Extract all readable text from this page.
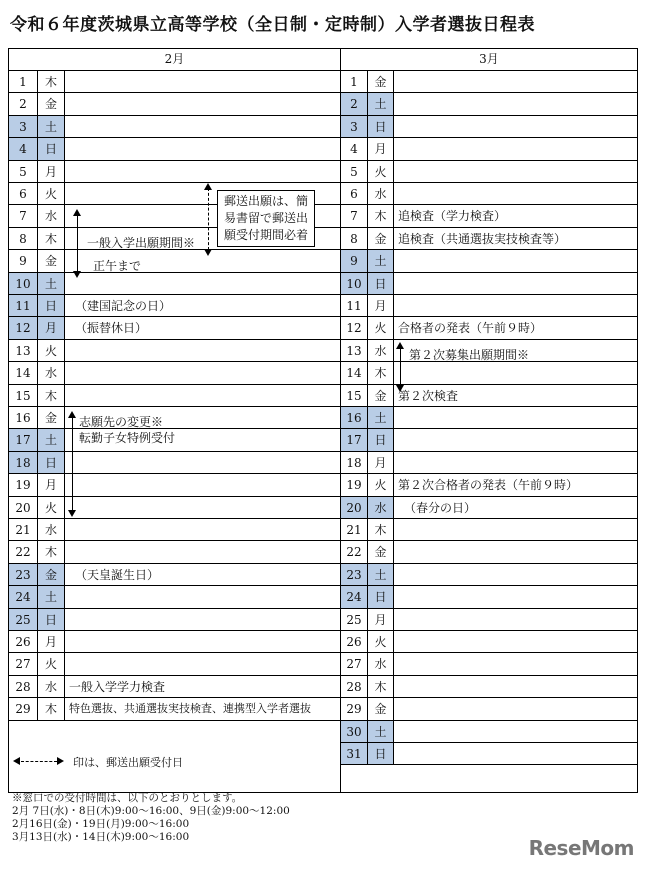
令和６年度茨城県立高等学校（全日制・定時制）入学者選抜日程表
2月	3月
1	木
2	金
3	土
4	日
5	月
6	火
7	水
8	木
9	金
10	土
11	日	　（建国記念の日）
12	月	　（振替休日）
13	火
14	水
15	木
16	金
17	土
18	日
19	月
20	火
21	水
22	木
23	金	　（天皇誕生日）
24	土
25	日
26	月
27	火
28	水	一般入学学力検査
29	木	特色選抜、共通選抜実技検査、連携型入学者選抜
1	金
2	土
3	日
4	月
5	火
6	水
7	木 追検査（学力検査）
8	金 追検査（共通選抜実技検査等）
9	土
10	日
11	月
12	火 合格者の発表（午前９時）
13	水
14	木
15	金 第２次検査
16	土
17	日
18	月
19	火 第２次合格者の発表（午前９時）
20	水 　（春分の日）
21	木
22	金
23	土
24	日
25	月
26	火
27	水
28	木
29	金
30	土
31	日
一般入学出願期間※
正午まで
郵送出願は、簡
易書留で郵送出
願受付期間必着
志願先の変更※
転勤子女特例受付
第２次募集出願期間※
印は、郵送出願受付日
※窓口での受付時間は、以下のとおりとします。
2月 7日(水)・8日(木)9:00～16:00、9日(金)9:00～12:00
2月16日(金)・19日(月)9:00～16:00
3月13日(水)・14日(木)9:00～16:00	ReseMom
